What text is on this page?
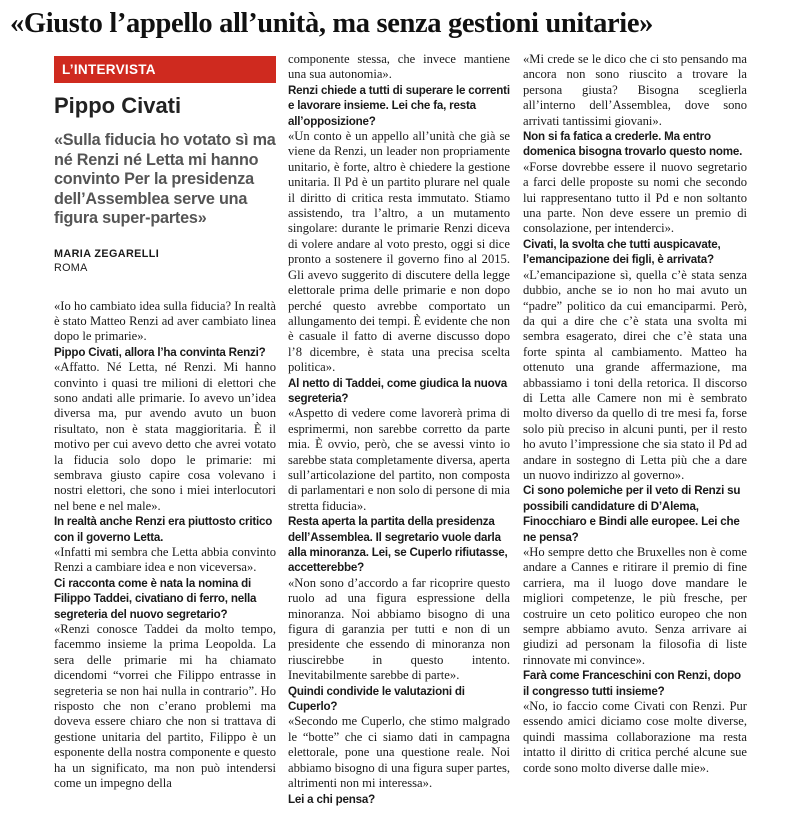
«Giusto l’appello all’unità, ma senza gestioni unitarie»
L’INTERVISTA
Pippo Civati
«Sulla fiducia ho votato sì ma né Renzi né Letta mi hanno convinto Per la presidenza dell’Assemblea serve una figura super-partes»
MARIA ZEGARELLI
ROMA

«Io ho cambiato idea sulla fiducia? In realtà è stato Matteo Renzi ad aver cambiato linea dopo le primarie».

Pippo Civati, allora l’ha convinta Renzi?

«Affatto. Né Letta, né Renzi. Mi hanno convinto i quasi tre milioni di elettori che sono andati alle primarie. Io avevo un’idea diversa ma, pur avendo avuto un buon risultato, non è stata maggioritaria. È il motivo per cui avevo detto che avrei votato la fiducia solo dopo le primarie: mi sembrava giusto capire cosa volevano i nostri elettori, che sono i miei interlocutori nel bene e nel male».

In realtà anche Renzi era piuttosto critico con il governo Letta.

«Infatti mi sembra che Letta abbia convinto Renzi a cambiare idea e non viceversa».

Ci racconta come è nata la nomina di Filippo Taddei, civatiano di ferro, nella segreteria del nuovo segretario?

«Renzi conosce Taddei da molto tempo, facemmo insieme la prima Leopolda. La sera delle primarie mi ha chiamato dicendomi “vorrei che Filippo entrasse in segreteria se non hai nulla in contrario”. Ho risposto che non c’erano problemi ma doveva essere chiaro che non si trattava di gestione unitaria del partito, Filippo è un esponente della nostra componente e questo ha un significato, ma non può intendersi come un impegno della

componente stessa, che invece mantiene una sua autonomia».

Renzi chiede a tutti di superare le correnti e lavorare insieme. Lei che fa, resta all’opposizione?

«Un conto è un appello all’unità che già se viene da Renzi, un leader non propriamente unitario, è forte, altro è chiedere la gestione unitaria. Il Pd è un partito plurare nel quale il diritto di critica resta immutato. Stiamo assistendo, tra l’altro, a un mutamento singolare: durante le primarie Renzi diceva di volere andare al voto presto, oggi si dice pronto a sostenere il governo fino al 2015. Gli avevo suggerito di discutere della legge elettorale prima delle primarie e non dopo perché questo avrebbe comportato un allungamento dei tempi. È evidente che non è casuale il fatto di averne discusso dopo l’8 dicembre, è stata una precisa scelta politica».

Al netto di Taddei, come giudica la nuova segreteria?

«Aspetto di vedere come lavorerà prima di esprimermi, non sarebbe corretto da parte mia. È ovvio, però, che se avessi vinto io sarebbe stata completamente diversa, aperta sull’articolazione del partito, non composta di parlamentari e non solo di persone di mia stretta fiducia».

Resta aperta la partita della presidenza dell’Assemblea. Il segretario vuole darla alla minoranza. Lei, se Cuperlo rifiutasse, accetterebbe?

«Non sono d’accordo a far ricoprire questo ruolo ad una figura espressione della minoranza. Noi abbiamo bisogno di una figura di garanzia per tutti e non di un presidente che essendo di minoranza non riuscirebbe in questo intento. Inevitabilmente sarebbe di parte».

Quindi condivide le valutazioni di Cuperlo?

«Secondo me Cuperlo, che stimo malgrado le “botte” che ci siamo dati in campagna elettorale, pone una questione reale. Noi abbiamo bisogno di una figura super partes, altrimenti non mi interessa».

Lei a chi pensa?

«Mi crede se le dico che ci sto pensando ma ancora non sono riuscito a trovare la persona giusta? Bisogna sceglierla all’interno dell’Assemblea, dove sono arrivati tantissimi giovani».

Non si fa fatica a crederle. Ma entro domenica bisogna trovarlo questo nome.

«Forse dovrebbe essere il nuovo segretario a farci delle proposte su nomi che secondo lui rappresentano tutto il Pd e non soltanto una parte. Non deve essere un premio di consolazione, per intenderci».

Civati, la svolta che tutti auspicavate, l’emancipazione dei figli, è arrivata?

«L’emancipazione sì, quella c’è stata senza dubbio, anche se io non ho mai avuto un “padre” politico da cui emanciparmi. Però, da qui a dire che c’è stata una svolta mi sembra esagerato, direi che c’è stata una forte spinta al cambiamento. Matteo ha ottenuto una grande affermazione, ma abbassiamo i toni della retorica. Il discorso di Letta alle Camere non mi è sembrato molto diverso da quello di tre mesi fa, forse solo più preciso in alcuni punti, per il resto ho avuto l’impressione che sia stato il Pd ad andare in sostegno di Letta più che a dare un nuovo indirizzo al governo».

Ci sono polemiche per il veto di Renzi su possibili candidature di D’Alema, Finocchiaro e Bindi alle europee. Lei che ne pensa?

«Ho sempre detto che Bruxelles non è come andare a Cannes e ritirare il premio di fine carriera, ma il luogo dove mandare le migliori competenze, le più fresche, per costruire un ceto politico europeo che non sempre abbiamo avuto. Senza arrivare ai giudizi ad personam la filosofia di liste rinnovate mi convince».

Farà come Franceschini con Renzi, dopo il congresso tutti insieme?

«No, io faccio come Civati con Renzi. Pur essendo amici diciamo cose molte diverse, quindi massima collaborazione ma resta intatto il diritto di critica perché alcune sue corde sono molto diverse dalle mie».
